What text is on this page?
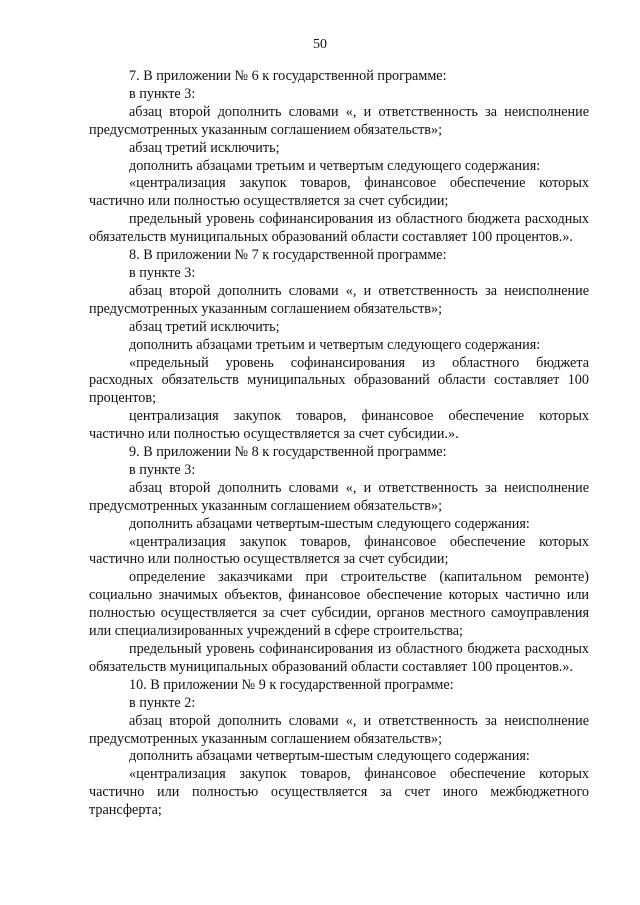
50

7. В приложении № 6 к государственной программе:

в пункте 3:

абзац второй дополнить словами «, и ответственность за неисполнение предусмотренных указанным соглашением обязательств»;

абзац третий исключить;

дополнить абзацами третьим и четвертым следующего содержания:

«централизация закупок товаров, финансовое обеспечение которых частично или полностью осуществляется за счет субсидии;

предельный уровень софинансирования из областного бюджета расходных обязательств муниципальных образований области составляет 100 процентов.».

8. В приложении № 7 к государственной программе:

в пункте 3:

абзац второй дополнить словами «, и ответственность за неисполнение предусмотренных указанным соглашением обязательств»;

абзац третий исключить;

дополнить абзацами третьим и четвертым следующего содержания:

«предельный уровень софинансирования из областного бюджета расходных обязательств муниципальных образований области составляет 100 процентов;

централизация закупок товаров, финансовое обеспечение которых частично или полностью осуществляется за счет субсидии.».

9. В приложении № 8 к государственной программе:

в пункте 3:

абзац второй дополнить словами «, и ответственность за неисполнение предусмотренных указанным соглашением обязательств»;

дополнить абзацами четвертым-шестым следующего содержания:

«централизация закупок товаров, финансовое обеспечение которых частично или полностью осуществляется за счет субсидии;

определение заказчиками при строительстве (капитальном ремонте) социально значимых объектов, финансовое обеспечение которых частично или полностью осуществляется за счет субсидии, органов местного самоуправления или специализированных учреждений в сфере строительства;

предельный уровень софинансирования из областного бюджета расходных обязательств муниципальных образований области составляет 100 процентов.».

10. В приложении № 9 к государственной программе:

в пункте 2:

абзац второй дополнить словами «, и ответственность за неисполнение предусмотренных указанным соглашением обязательств»;

дополнить абзацами четвертым-шестым следующего содержания:

«централизация закупок товаров, финансовое обеспечение которых частично или полностью осуществляется за счет иного межбюджетного трансферта;
